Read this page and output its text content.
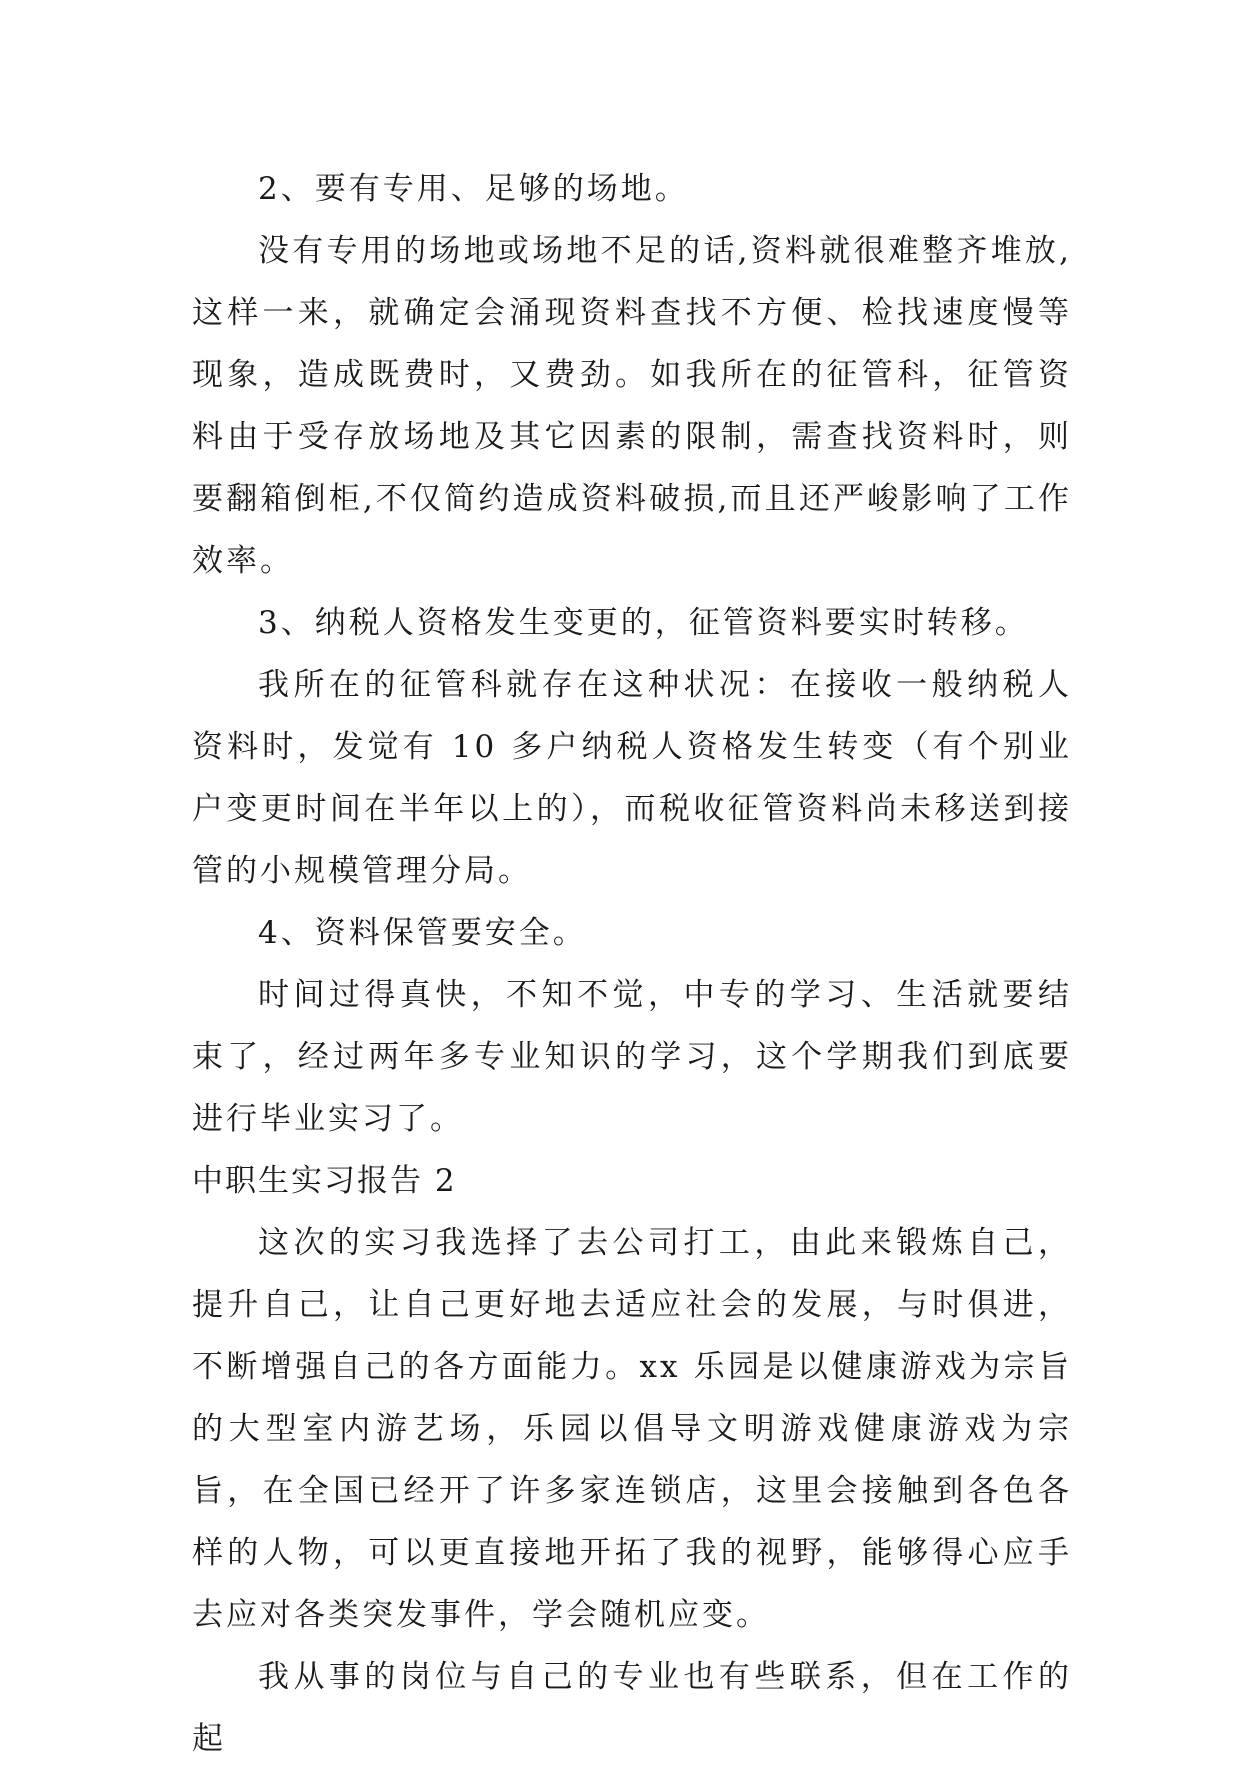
2、要有专用、足够的场地。

没有专用的场地或场地不足的话,资料就很难整齐堆放,这样一来，就确定会涌现资料查找不方便、检找速度慢等现象，造成既费时，又费劲。如我所在的征管科，征管资料由于受存放场地及其它因素的限制，需查找资料时，则要翻箱倒柜,不仅简约造成资料破损,而且还严峻影响了工作效率。

3、纳税人资格发生变更的，征管资料要实时转移。

我所在的征管科就存在这种状况：在接收一般纳税人资料时，发觉有 10 多户纳税人资格发生转变（有个别业户变更时间在半年以上的），而税收征管资料尚未移送到接管的小规模管理分局。

4、资料保管要安全。

时间过得真快，不知不觉，中专的学习、生活就要结束了，经过两年多专业知识的学习，这个学期我们到底要进行毕业实习了。

中职生实习报告 2

这次的实习我选择了去公司打工，由此来锻炼自己，提升自己，让自己更好地去适应社会的发展，与时俱进，不断增强自己的各方面能力。xx 乐园是以健康游戏为宗旨的大型室内游艺场，乐园以倡导文明游戏健康游戏为宗旨，在全国已经开了许多家连锁店，这里会接触到各色各样的人物，可以更直接地开拓了我的视野，能够得心应手去应对各类突发事件，学会随机应变。

我从事的岗位与自己的专业也有些联系，但在工作的起
